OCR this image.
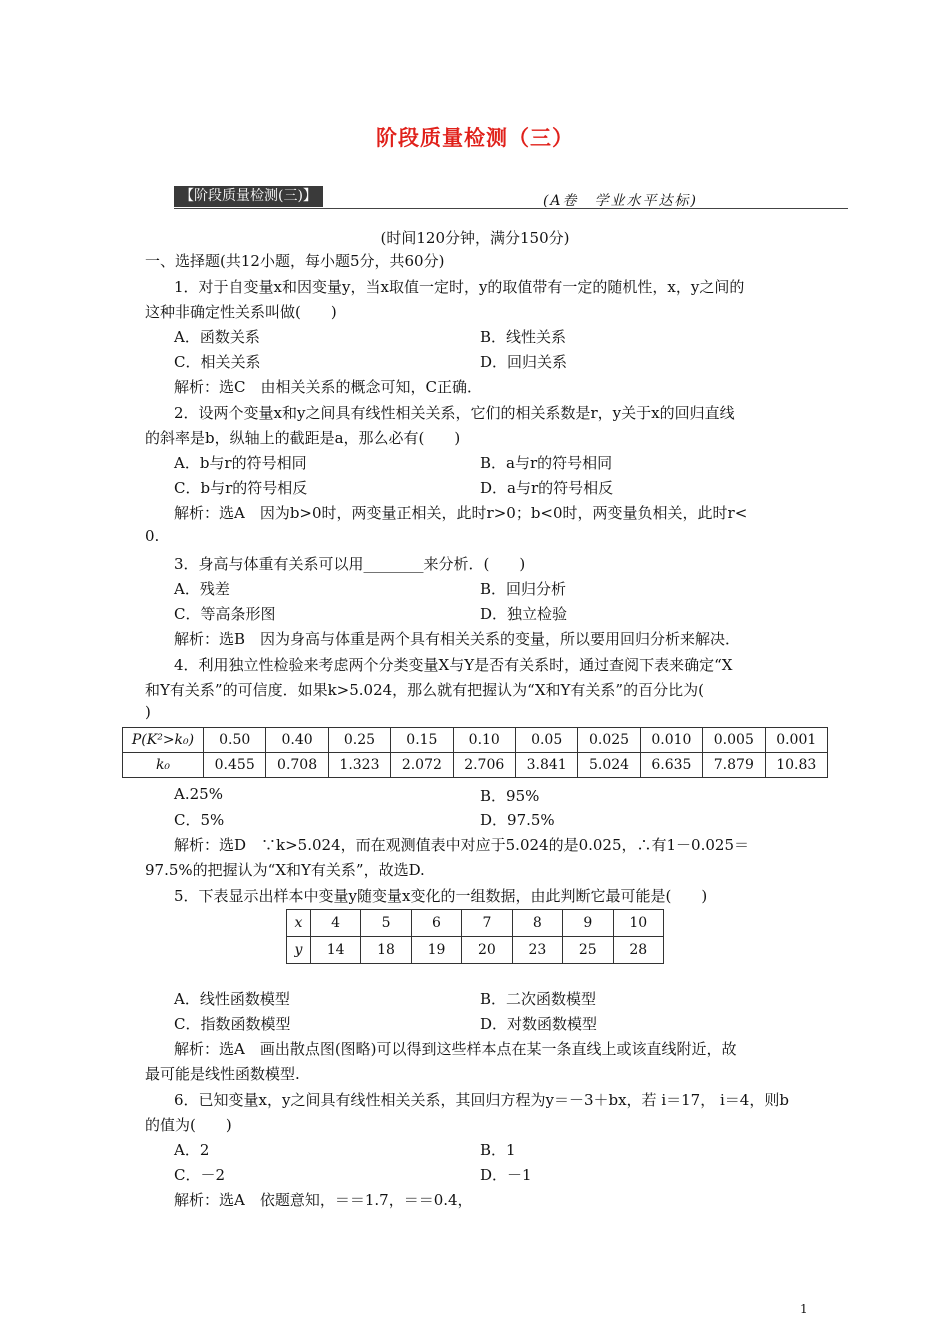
阶段质量检测（三）
【阶段质量检测(三)】	(A卷　学业水平达标)
(时间120分钟，满分150分)
一、选择题(共12小题，每小题5分，共60分)
1．对于自变量x和因变量y，当x取值一定时，y的取值带有一定的随机性，x，y之间的
这种非确定性关系叫做(　　)
A．函数关系	B．线性关系
C．相关关系	D．回归关系
解析：选C　由相关关系的概念可知，C正确．
2．设两个变量x和y之间具有线性相关关系，它们的相关系数是r，y关于x的回归直线
的斜率是b，纵轴上的截距是a，那么必有(　　)
A．b与r的符号相同	B．a与r的符号相同
C．b与r的符号相反	D．a与r的符号相反
解析：选A　因为b>0时，两变量正相关，此时r>0；b<0时，两变量负相关，此时r<
0.
3．身高与体重有关系可以用________来分析．(　　)
A．残差	B．回归分析
C．等高条形图	D．独立检验
解析：选B　因为身高与体重是两个具有相关关系的变量，所以要用回归分析来解决．
4．利用独立性检验来考虑两个分类变量X与Y是否有关系时，通过查阅下表来确定“X
和Y有关系”的可信度．如果k>5.024，那么就有把握认为“X和Y有关系”的百分比为(
)
P(K²>k₀)	0.50	0.40	0.25	0.15	0.10	0.05	0.025	0.010	0.005	0.001
k₀	0.455	0.708	1.323	2.072	2.706	3.841	5.024	6.635	7.879	10.83
A.25%	B．95%
C．5%	D．97.5%
解析：选D　∵k>5.024，而在观测值表中对应于5.024的是0.025，∴有1－0.025＝
97.5%的把握认为“X和Y有关系”，故选D.
5．下表显示出样本中变量y随变量x变化的一组数据，由此判断它最可能是(　　)
x	4	5	6	7	8	9	10
y	14	18	19	20	23	25	28
A．线性函数模型	B．二次函数模型
C．指数函数模型	D．对数函数模型
解析：选A　画出散点图(图略)可以得到这些样本点在某一条直线上或该直线附近，故
最可能是线性函数模型.
6．已知变量x，y之间具有线性相关关系，其回归方程为y＝－3＋bx，若 i＝17， i＝4，则b
的值为(　　)
A．2	B．1
C．－2	D．－1
解析：选A　依题意知，＝＝1.7，＝＝0.4，
1
